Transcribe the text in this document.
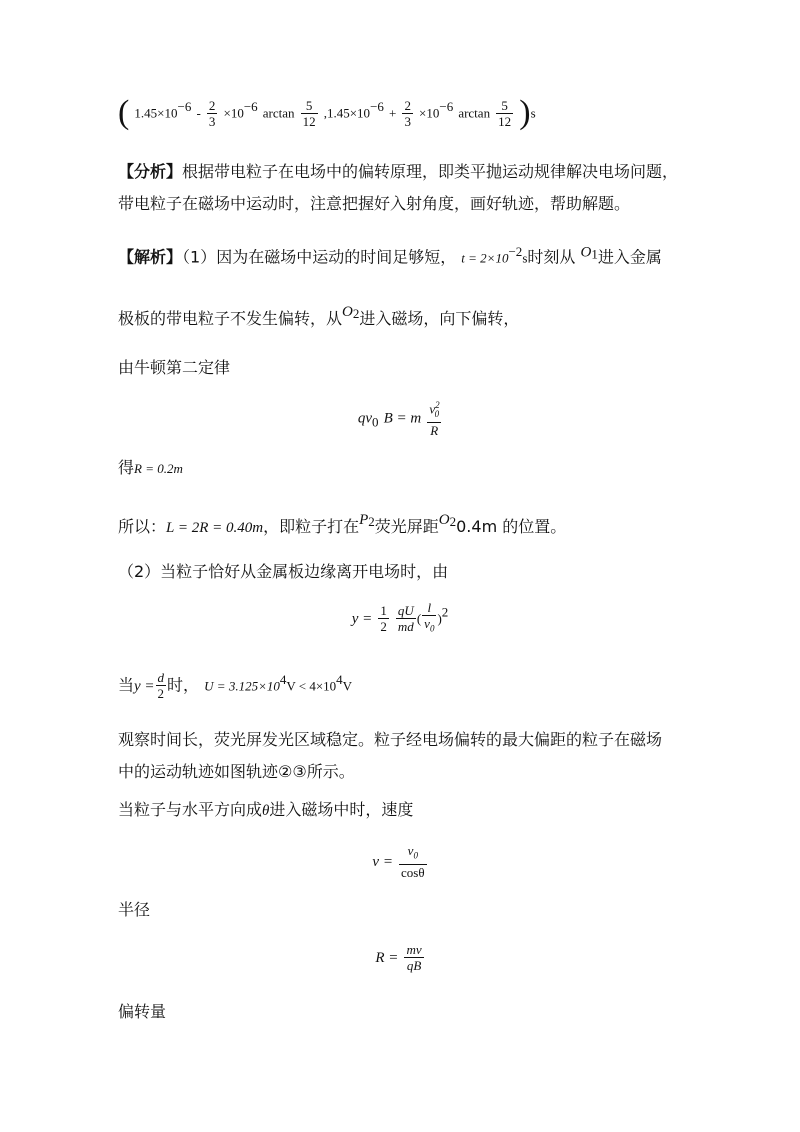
( $1.45\times 10^{-6} - \frac{2}{3} \times 10^{-6}$ $\arctan \frac{5}{12} ,1.45\times 10^{-6} + \frac{2}{3} \times 10^{-6}$ $\arctan \frac{5}{12} )s$
【分析】根据带电粒子在电场中的偏转原理，即类平抛运动规律解决电场问题，
带电粒子在磁场中运动时，注意把握好入射角度，画好轨迹，帮助解题。
【解析】（1）因为在磁场中运动的时间足够短， $t = 2\times 10^{-2}s$时刻从 $O_1$进入金属
极板的带电粒子不发生偏转，从$O_2$进入磁场，向下偏转，
由牛顿第二定律
$qv_0$ B = m $\frac{v^2_0}{R}$
得R = 0.2m
所以：L = 2R = 0.40m，即粒子打在$P_2$荧光屏距$O_20.4m$ 的位置。
（2）当粒子恰好从金属板边缘离开电场时，由
$y = \frac{1}{2}$
$\frac{qU}{md}$ ( $\frac{l}{v_0} )^2$
当$y = \frac{d}{2}$ 时， $U = 3.125\times 10^4V < 4\times 10^4V$
观察时间长，荧光屏发光区域稳定。粒子经电场偏转的最大偏距的粒子在磁场
中的运动轨迹如图轨迹②③所示。
当粒子与水平方向成θ进入磁场中时，速度
$v = \frac{v_0}{\cos\theta}$
半径
$R = \frac{mv}{qB}$
偏转量
